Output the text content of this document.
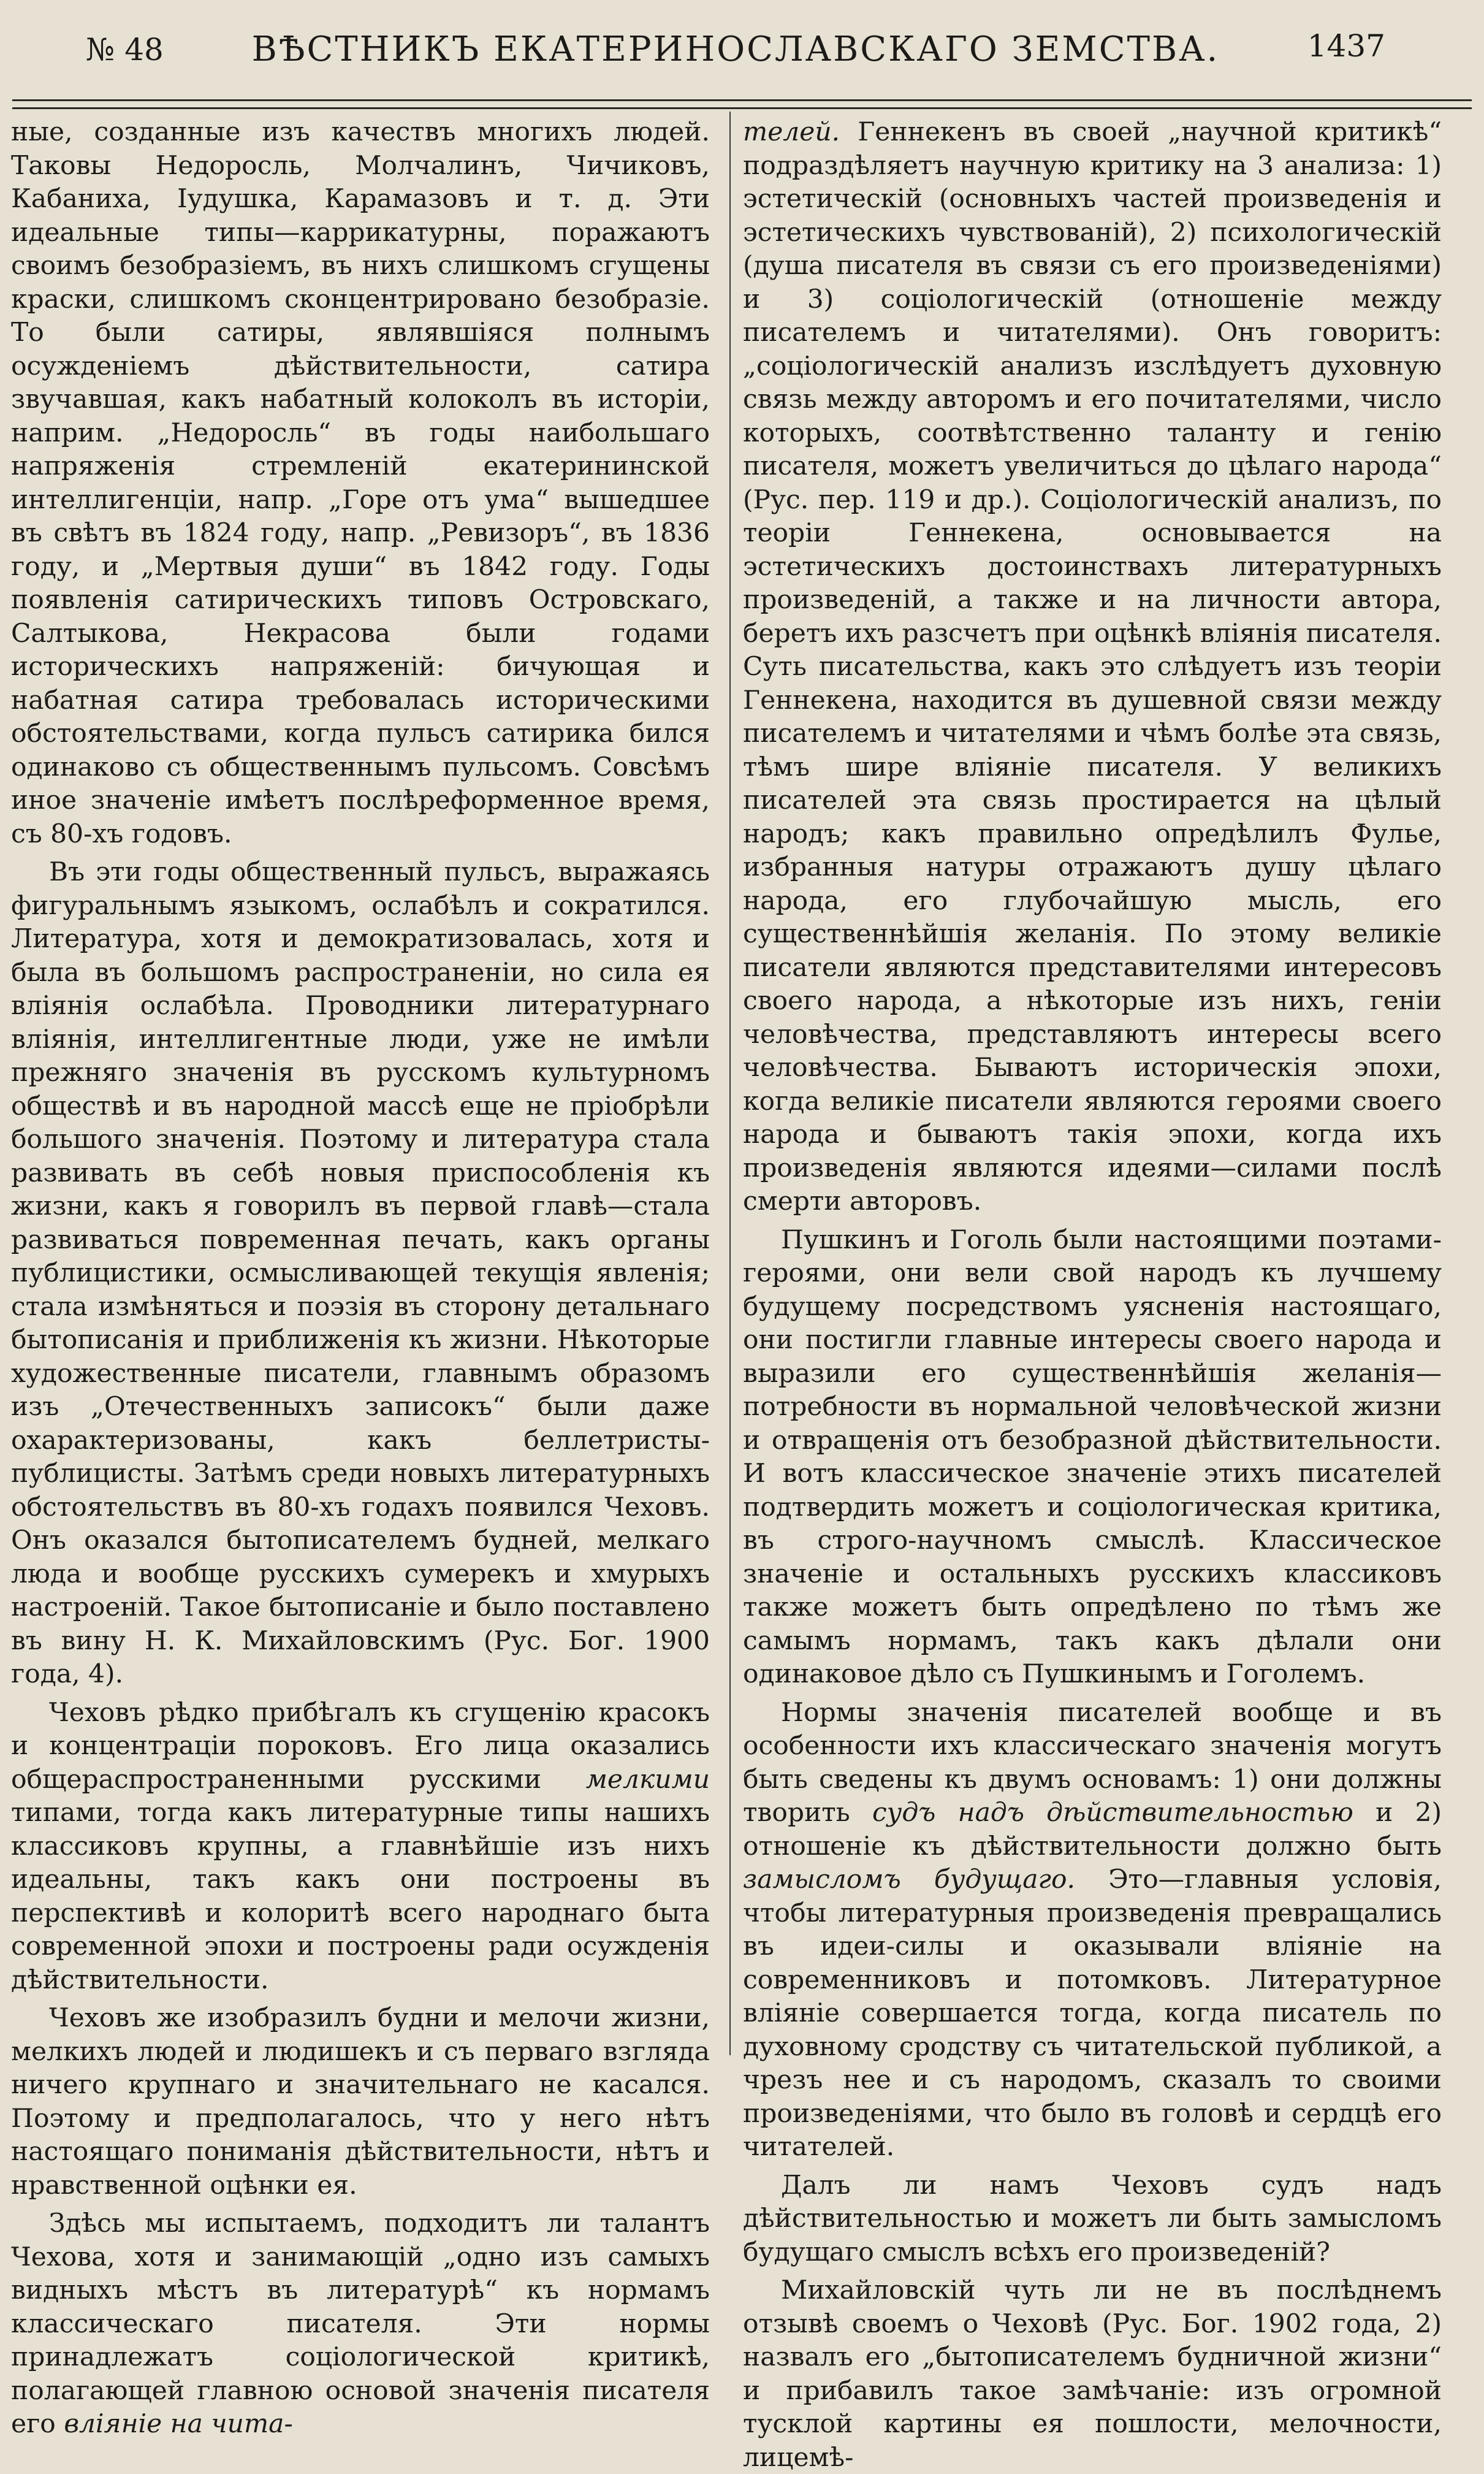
№ 48	ВѢСТНИКЪ ЕКАТЕРИНОСЛАВСКАГО ЗЕМСТВА.	1437

ные, созданные изъ качествъ многихъ людей. Таковы Недоросль, Молчалинъ, Чичиковъ, Кабаниха, Іудушка, Карамазовъ и т. д. Эти идеальные типы—каррикатурны, поражаютъ своимъ безобразіемъ, въ нихъ слишкомъ сгущены краски, слишкомъ сконцентрировано безобразіе. То были сатиры, являвшіяся полнымъ осужденіемъ дѣйствительности, сатира звучавшая, какъ набатный колоколъ въ исторіи, наприм. „Недоросль“ въ годы наибольшаго напряженія стремленій екатерининской интеллигенціи, напр. „Горе отъ ума“ вышедшее въ свѣтъ въ 1824 году, напр. „Ревизоръ“, въ 1836 году, и „Мертвыя души“ въ 1842 году. Годы появленія сатирическихъ типовъ Островскаго, Салтыкова, Некрасова были годами историческихъ напряженій: бичующая и набатная сатира требовалась историческими обстоятельствами, когда пульсъ сатирика бился одинаково съ общественнымъ пульсомъ. Совсѣмъ иное значеніе имѣетъ послѣреформенное время, съ 80-хъ годовъ.

Въ эти годы общественный пульсъ, выражаясь фигуральнымъ языкомъ, ослабѣлъ и сократился. Литература, хотя и демократизовалась, хотя и была въ большомъ распространеніи, но сила ея вліянія ослабѣла. Проводники литературнаго вліянія, интеллигентные люди, уже не имѣли прежняго значенія въ русскомъ культурномъ обществѣ и въ народной массѣ еще не пріобрѣли большого значенія. Поэтому и литература стала развивать въ себѣ новыя приспособленія къ жизни, какъ я говорилъ въ первой главѣ—стала развиваться повременная печать, какъ органы публицистики, осмысливающей текущія явленія; стала измѣняться и поэзія въ сторону детальнаго бытописанія и приближенія къ жизни. Нѣкоторые художественные писатели, главнымъ образомъ изъ „Отечественныхъ записокъ“ были даже охарактеризованы, какъ беллетристы-публицисты. Затѣмъ среди новыхъ литературныхъ обстоятельствъ въ 80-хъ годахъ появился Чеховъ. Онъ оказался бытописателемъ будней, мелкаго люда и вообще русскихъ сумерекъ и хмурыхъ настроеній. Такое бытописаніе и было поставлено въ вину Н. К. Михайловскимъ (Рус. Бог. 1900 года, 4).

Чеховъ рѣдко прибѣгалъ къ сгущенію красокъ и концентраціи пороковъ. Его лица оказались общераспространенными русскими мелкими типами, тогда какъ литературные типы нашихъ классиковъ крупны, а главнѣйшіе изъ нихъ идеальны, такъ какъ они построены въ перспективѣ и колоритѣ всего народнаго быта современной эпохи и построены ради осужденія дѣйствительности.

Чеховъ же изобразилъ будни и мелочи жизни, мелкихъ людей и людишекъ и съ перваго взгляда ничего крупнаго и значительнаго не касался. Поэтому и предполагалось, что у него нѣтъ настоящаго пониманія дѣйствительности, нѣтъ и нравственной оцѣнки ея.

Здѣсь мы испытаемъ, подходитъ ли талантъ Чехова, хотя и занимающій „одно изъ самыхъ видныхъ мѣстъ въ литературѣ“ къ нормамъ классическаго писателя. Эти нормы принадлежатъ соціологической критикѣ, полагающей главною основой значенія писателя его вліяніе на чита-

телей. Геннекенъ въ своей „научной критикѣ“ подраздѣляетъ научную критику на 3 анализа: 1) эстетическій (основныхъ частей произведенія и эстетическихъ чувствованій), 2) психологическій (душа писателя въ связи съ его произведеніями) и 3) соціологическій (отношеніе между писателемъ и читателями). Онъ говоритъ: „соціологическій анализъ изслѣдуетъ духовную связь между авторомъ и его почитателями, число которыхъ, соотвѣтственно таланту и генію писателя, можетъ увеличиться до цѣлаго народа“ (Рус. пер. 119 и др.). Соціологическій анализъ, по теоріи Геннекена, основывается на эстетическихъ достоинствахъ литературныхъ произведеній, а также и на личности автора, беретъ ихъ разсчетъ при оцѣнкѣ вліянія писателя. Суть писательства, какъ это слѣдуетъ изъ теоріи Геннекена, находится въ душевной связи между писателемъ и читателями и чѣмъ болѣе эта связь, тѣмъ шире вліяніе писателя. У великихъ писателей эта связь простирается на цѣлый народъ; какъ правильно опредѣлилъ Фулье, избранныя натуры отражаютъ душу цѣлаго народа, его глубочайшую мысль, его существеннѣйшія желанія. По этому великіе писатели являются представителями интересовъ своего народа, а нѣкоторые изъ нихъ, геніи человѣчества, представляютъ интересы всего человѣчества. Бываютъ историческія эпохи, когда великіе писатели являются героями своего народа и бываютъ такія эпохи, когда ихъ произведенія являются идеями—силами послѣ смерти авторовъ.

Пушкинъ и Гоголь были настоящими поэтами-героями, они вели свой народъ къ лучшему будущему посредствомъ уясненія настоящаго, они постигли главные интересы своего народа и выразили его существеннѣйшія желанія—потребности въ нормальной человѣческой жизни и отвращенія отъ безобразной дѣйствительности. И вотъ классическое значеніе этихъ писателей подтвердить можетъ и соціологическая критика, въ строго-научномъ смыслѣ. Классическое значеніе и остальныхъ русскихъ классиковъ также можетъ быть опредѣлено по тѣмъ же самымъ нормамъ, такъ какъ дѣлали они одинаковое дѣло съ Пушкинымъ и Гоголемъ.

Нормы значенія писателей вообще и въ особенности ихъ классическаго значенія могутъ быть сведены къ двумъ основамъ: 1) они должны творить судъ надъ дѣйствительностью и 2) отношеніе къ дѣйствительности должно быть замысломъ будущаго. Это—главныя условія, чтобы литературныя произведенія превращались въ идеи-силы и оказывали вліяніе на современниковъ и потомковъ. Литературное вліяніе совершается тогда, когда писатель по духовному сродству съ читательской публикой, а чрезъ нее и съ народомъ, сказалъ то своими произведеніями, что было въ головѣ и сердцѣ его читателей.

Далъ ли намъ Чеховъ судъ надъ дѣйствительностью и можетъ ли быть замысломъ будущаго смыслъ всѣхъ его произведеній?

Михайловскій чуть ли не въ послѣднемъ отзывѣ своемъ о Чеховѣ (Рус. Бог. 1902 года, 2) назвалъ его „бытописателемъ будничной жизни“ и прибавилъ такое замѣчаніе: изъ огромной тусклой картины ея пошлости, мелочности, лицемѣ-
